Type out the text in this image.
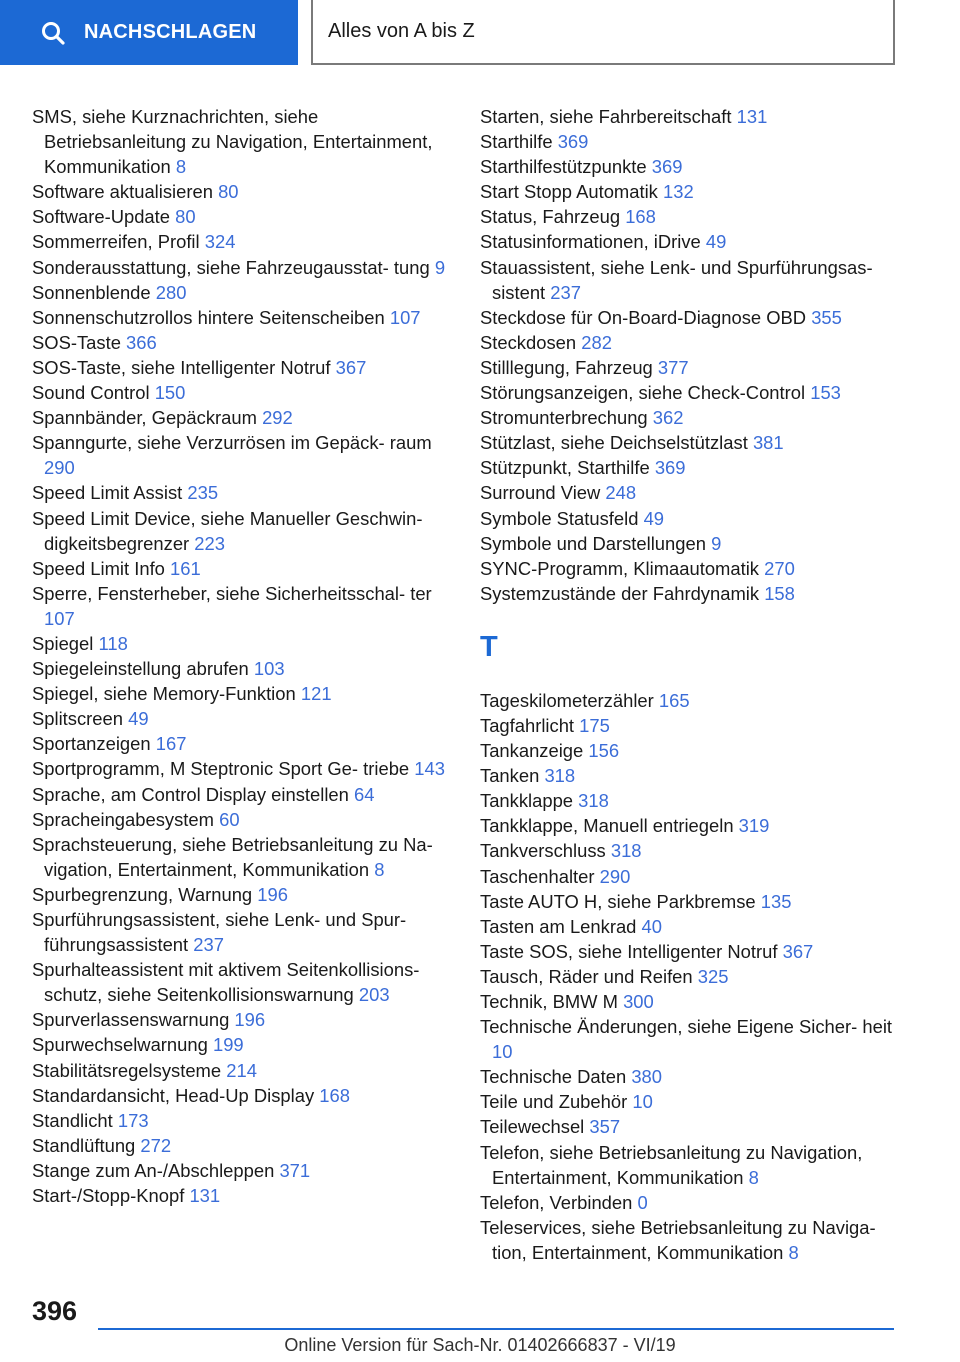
NACHSCHLAGEN	Alles von A bis Z
SMS, siehe Kurznachrichten, siehe Betriebsanleitung zu Navigation, Entertainment, Kommunikation 8
Software aktualisieren 80
Software-Update 80
Sommerreifen, Profil 324
Sonderausstattung, siehe Fahrzeugausstat- tung 9
Sonnenblende 280
Sonnenschutzrollos hintere Seitenscheiben 107
SOS-Taste 366
SOS-Taste, siehe Intelligenter Notruf 367
Sound Control 150
Spannbänder, Gepäckraum 292
Spanngurte, siehe Verzurrösen im Gepäck- raum 290
Speed Limit Assist 235
Speed Limit Device, siehe Manueller Geschwin- digkeitsbegrenzer 223
Speed Limit Info 161
Sperre, Fensterheber, siehe Sicherheitsschal- ter 107
Spiegel 118
Spiegeleinstellung abrufen 103
Spiegel, siehe Memory-Funktion 121
Splitscreen 49
Sportanzeigen 167
Sportprogramm, M Steptronic Sport Ge- triebe 143
Sprache, am Control Display einstellen 64
Spracheingabesystem 60
Sprachsteuerung, siehe Betriebsanleitung zu Na- vigation, Entertainment, Kommunikation 8
Spurbegrenzung, Warnung 196
Spurführungsassistent, siehe Lenk- und Spur- führungsassistent 237
Spurhalteassistent mit aktivem Seitenkollisions- schutz, siehe Seitenkollisionswarnung 203
Spurverlassenswarnung 196
Spurwechselwarnung 199
Stabilitätsregelsysteme 214
Standardansicht, Head-Up Display 168
Standlicht 173
Standlüftung 272
Stange zum An-/Abschleppen 371
Start-/Stopp-Knopf 131
Starten, siehe Fahrbereitschaft 131
Starthilfe 369
Starthilfestützpunkte 369
Start Stopp Automatik 132
Status, Fahrzeug 168
Statusinformationen, iDrive 49
Stauassistent, siehe Lenk- und Spurführungsas- sistent 237
Steckdose für On-Board-Diagnose OBD 355
Steckdosen 282
Stilllegung, Fahrzeug 377
Störungsanzeigen, siehe Check-Control 153
Stromunterbrechung 362
Stützlast, siehe Deichselstützlast 381
Stützpunkt, Starthilfe 369
Surround View 248
Symbole Statusfeld 49
Symbole und Darstellungen 9
SYNC-Programm, Klimaautomatik 270
Systemzustände der Fahrdynamik 158
T
Tageskilometerzähler 165
Tagfahrlicht 175
Tankanzeige 156
Tanken 318
Tankklappe 318
Tankklappe, Manuell entriegeln 319
Tankverschluss 318
Taschenhalter 290
Taste AUTO H, siehe Parkbremse 135
Tasten am Lenkrad 40
Taste SOS, siehe Intelligenter Notruf 367
Tausch, Räder und Reifen 325
Technik, BMW M 300
Technische Änderungen, siehe Eigene Sicher- heit 10
Technische Daten 380
Teile und Zubehör 10
Teilewechsel 357
Telefon, siehe Betriebsanleitung zu Navigation, Entertainment, Kommunikation 8
Telefon, Verbinden 0
Teleservices, siehe Betriebsanleitung zu Naviga- tion, Entertainment, Kommunikation 8
396
Online Version für Sach-Nr. 01402666837 - VI/19
